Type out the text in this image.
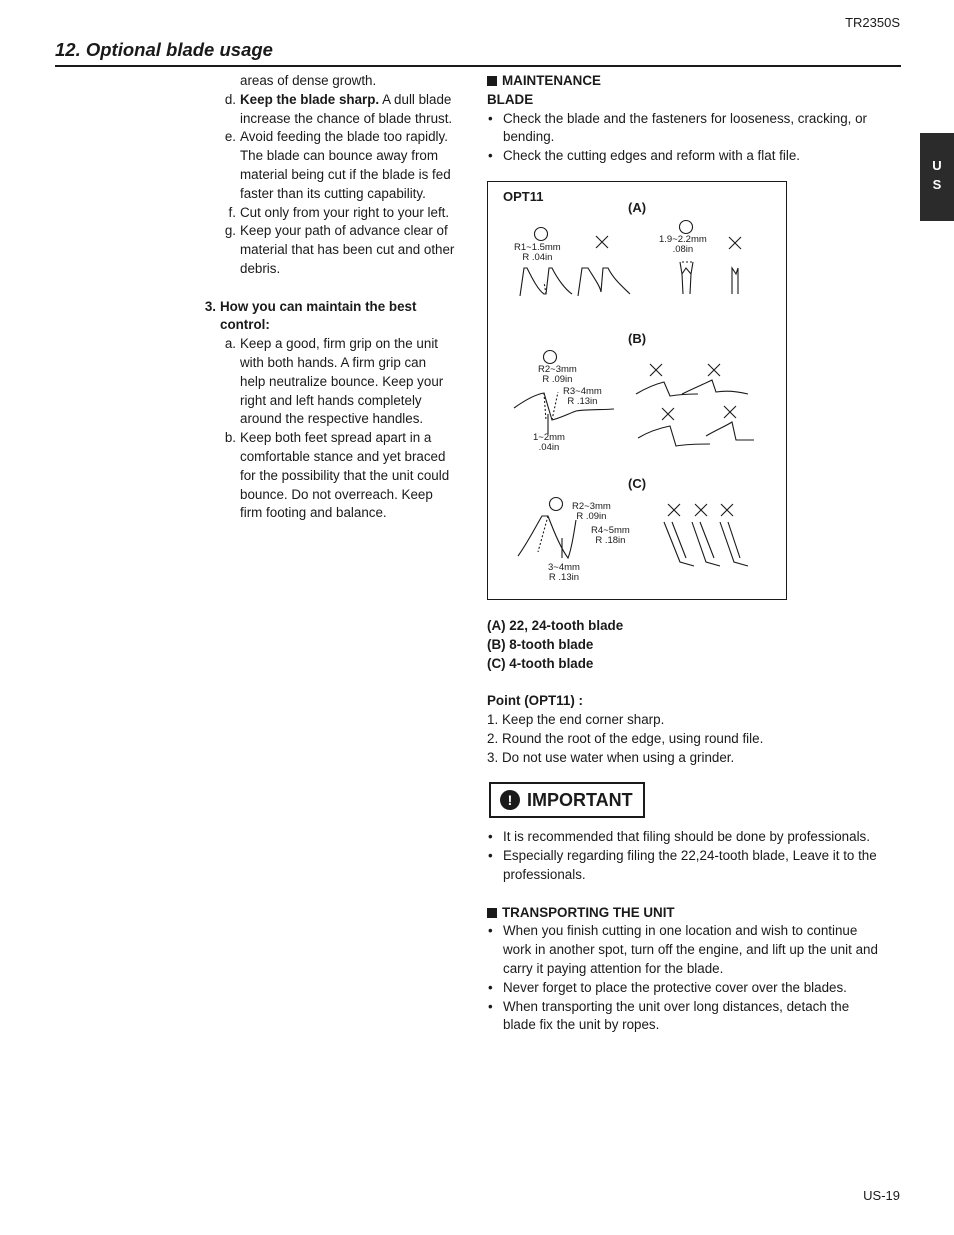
TR2350S
12. Optional blade usage
U
S
areas of dense growth.
d. Keep the blade sharp. A dull blade
increase the chance of blade thrust.
e. Avoid feeding the blade too rapidly.
The blade can bounce away from
material being cut if the blade is fed
faster than its cutting capability.
f. Cut only from your right to your left.
g. Keep your path of advance clear of
material that has been cut and other
debris.
3. How you can maintain the best
control:
a. Keep a good, firm grip on the unit
with both hands. A firm grip can
help neutralize bounce. Keep your
right and left hands completely
around the respective handles.
b. Keep both feet spread apart in a
comfortable stance and yet braced
for the possibility that the unit could
bounce. Do not overreach. Keep
firm footing and balance.
MAINTENANCE
BLADE
• Check the blade and the fasteners for looseness, cracking, or
bending.
• Check the cutting edges and reform with a flat file.
OPT11
(A)
(B)
(C)
R1~1.5mm
R .04in
1.9~2.2mm
.08in
R2~3mm
R .09in
R3~4mm
R .13in
1~2mm
.04in
R2~3mm
R .09in
R4~5mm
R .18in
3~4mm
R .13in
(A) 22, 24-tooth blade
(B) 8-tooth blade
(C) 4-tooth blade
Point (OPT11) :
1. Keep the end corner sharp.
2. Round the root of the edge, using round file.
3. Do not use water when using a grinder.
! IMPORTANT
• It is recommended that filing should be done by professionals.
• Especially regarding filing the 22,24-tooth blade, Leave it to the
professionals.
TRANSPORTING THE UNIT
• When you finish cutting in one location and wish to continue
work in another spot, turn off the engine, and lift up the unit and
carry it paying attention for the blade.
• Never forget to place the protective cover over the blades.
• When transporting the unit over long distances, detach the
blade fix the unit by ropes.
US-19
